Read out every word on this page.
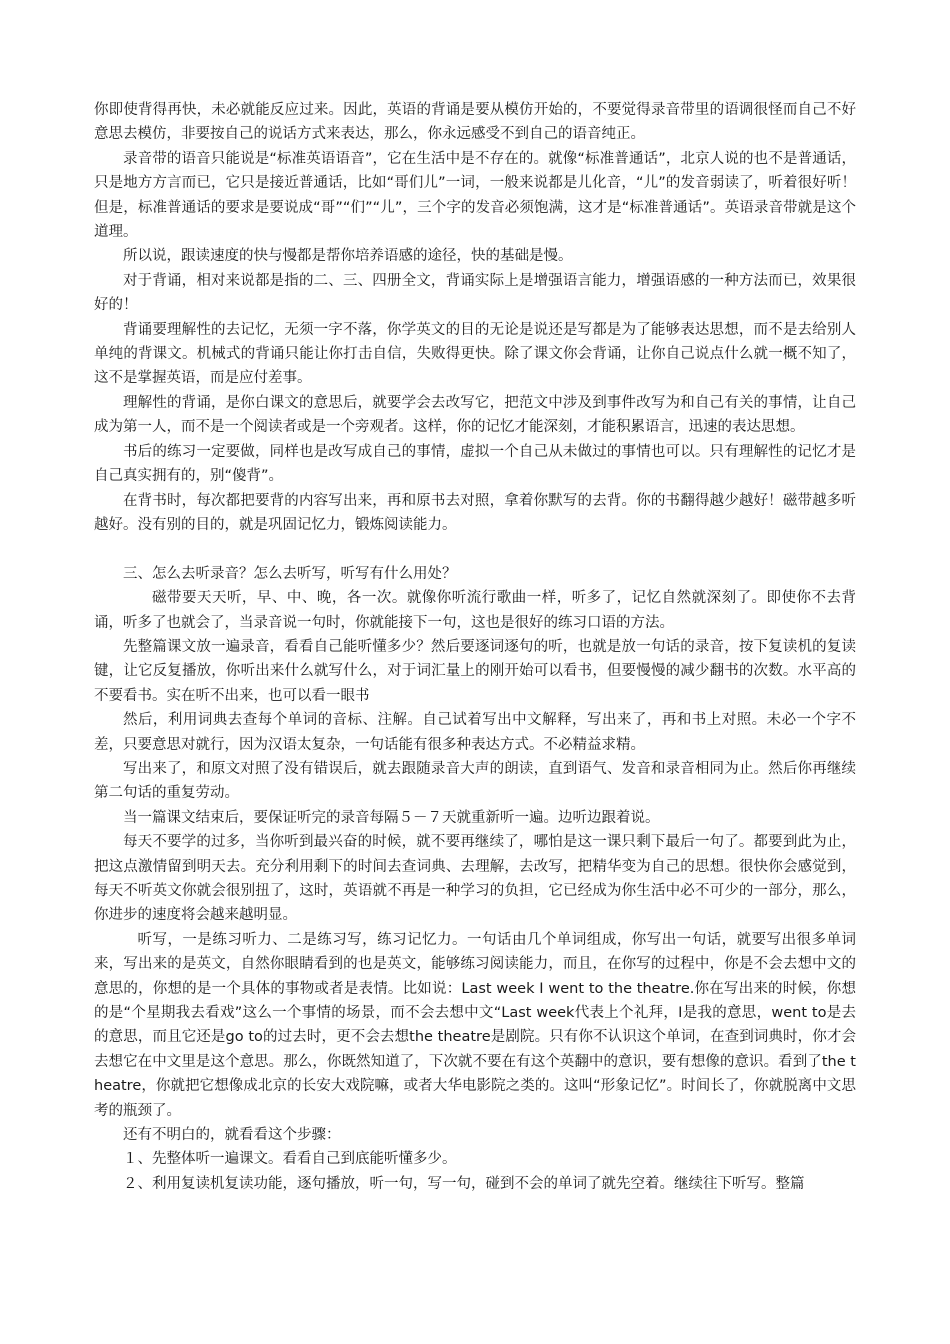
你即使背得再快，未必就能反应过来。因此，英语的背诵是要从模仿开始的，不要觉得录音带里的语调很怪而自己不好意思去模仿，非要按自己的说话方式来表达，那么，你永远感受不到自己的语音纯正。

录音带的语音只能说是“标准英语语音”，它在生活中是不存在的。就像“标准普通话”，北京人说的也不是普通话，只是地方方言而已，它只是接近普通话，比如“哥们儿”一词，一般来说都是儿化音，“儿”的发音弱读了，听着很好听！但是，标准普通话的要求是要说成“哥”“们”“儿”，三个字的发音必须饱满，这才是“标准普通话”。英语录音带就是这个道理。

所以说，跟读速度的快与慢都是帮你培养语感的途径，快的基础是慢。

对于背诵，相对来说都是指的二、三、四册全文，背诵实际上是增强语言能力，增强语感的一种方法而已，效果很好的！

背诵要理解性的去记忆，无须一字不落，你学英文的目的无论是说还是写都是为了能够表达思想，而不是去给别人单纯的背课文。机械式的背诵只能让你打击自信，失败得更快。除了课文你会背诵，让你自己说点什么就一概不知了，这不是掌握英语，而是应付差事。

理解性的背诵，是你白课文的意思后，就要学会去改写它，把范文中涉及到事件改写为和自己有关的事情，让自己成为第一人，而不是一个阅读者或是一个旁观者。这样，你的记忆才能深刻，才能积累语言，迅速的表达思想。

书后的练习一定要做，同样也是改写成自己的事情，虚拟一个自己从未做过的事情也可以。只有理解性的记忆才是自己真实拥有的，别“傻背”。

在背书时，每次都把要背的内容写出来，再和原书去对照，拿着你默写的去背。你的书翻得越少越好！磁带越多听越好。没有别的目的，就是巩固记忆力，锻炼阅读能力。

三、怎么去听录音？怎么去听写，听写有什么用处？

磁带要天天听，早、中、晚，各一次。就像你听流行歌曲一样，听多了，记忆自然就深刻了。即使你不去背诵，听多了也就会了，当录音说一句时，你就能接下一句，这也是很好的练习口语的方法。

先整篇课文放一遍录音，看看自己能听懂多少？然后要逐词逐句的听，也就是放一句话的录音，按下复读机的复读键，让它反复播放，你听出来什么就写什么，对于词汇量上的刚开始可以看书，但要慢慢的减少翻书的次数。水平高的不要看书。实在听不出来，也可以看一眼书

然后，利用词典去查每个单词的音标、注解。自己试着写出中文解释，写出来了，再和书上对照。未必一个字不差，只要意思对就行，因为汉语太复杂，一句话能有很多种表达方式。不必精益求精。

写出来了，和原文对照了没有错误后，就去跟随录音大声的朗读，直到语气、发音和录音相同为止。然后你再继续第二句话的重复劳动。

当一篇课文结束后，要保证听完的录音每隔５－７天就重新听一遍。边听边跟着说。

每天不要学的过多，当你听到最兴奋的时候，就不要再继续了，哪怕是这一课只剩下最后一句了。都要到此为止，把这点激情留到明天去。充分利用剩下的时间去查词典、去理解，去改写，把精华变为自己的思想。很快你会感觉到，每天不听英文你就会很别扭了，这时，英语就不再是一种学习的负担，它已经成为你生活中必不可少的一部分，那么，你进步的速度将会越来越明显。

听写，一是练习听力、二是练习写，练习记忆力。一句话由几个单词组成，你写出一句话，就要写出很多单词来，写出来的是英文，自然你眼睛看到的也是英文，能够练习阅读能力，而且，在你写的过程中，你是不会去想中文的意思的，你想的是一个具体的事物或者是表情。比如说：Last week I went to the theatre.你在写出来的时候，你想的是“个星期我去看戏”这么一个事情的场景，而不会去想中文“Last week代表上个礼拜，I是我的意思，went to是去的意思，而且它还是go to的过去时，更不会去想the theatre是剧院。只有你不认识这个单词，在查到词典时，你才会去想它在中文里是这个意思。那么，你既然知道了，下次就不要在有这个英翻中的意识，要有想像的意识。看到了the theatre，你就把它想像成北京的长安大戏院嘛，或者大华电影院之类的。这叫“形象记忆”。时间长了，你就脱离中文思考的瓶颈了。

还有不明白的，就看看这个步骤：

１、先整体听一遍课文。看看自己到底能听懂多少。

２、利用复读机复读功能，逐句播放，听一句，写一句，碰到不会的单词了就先空着。继续往下听写。整篇
